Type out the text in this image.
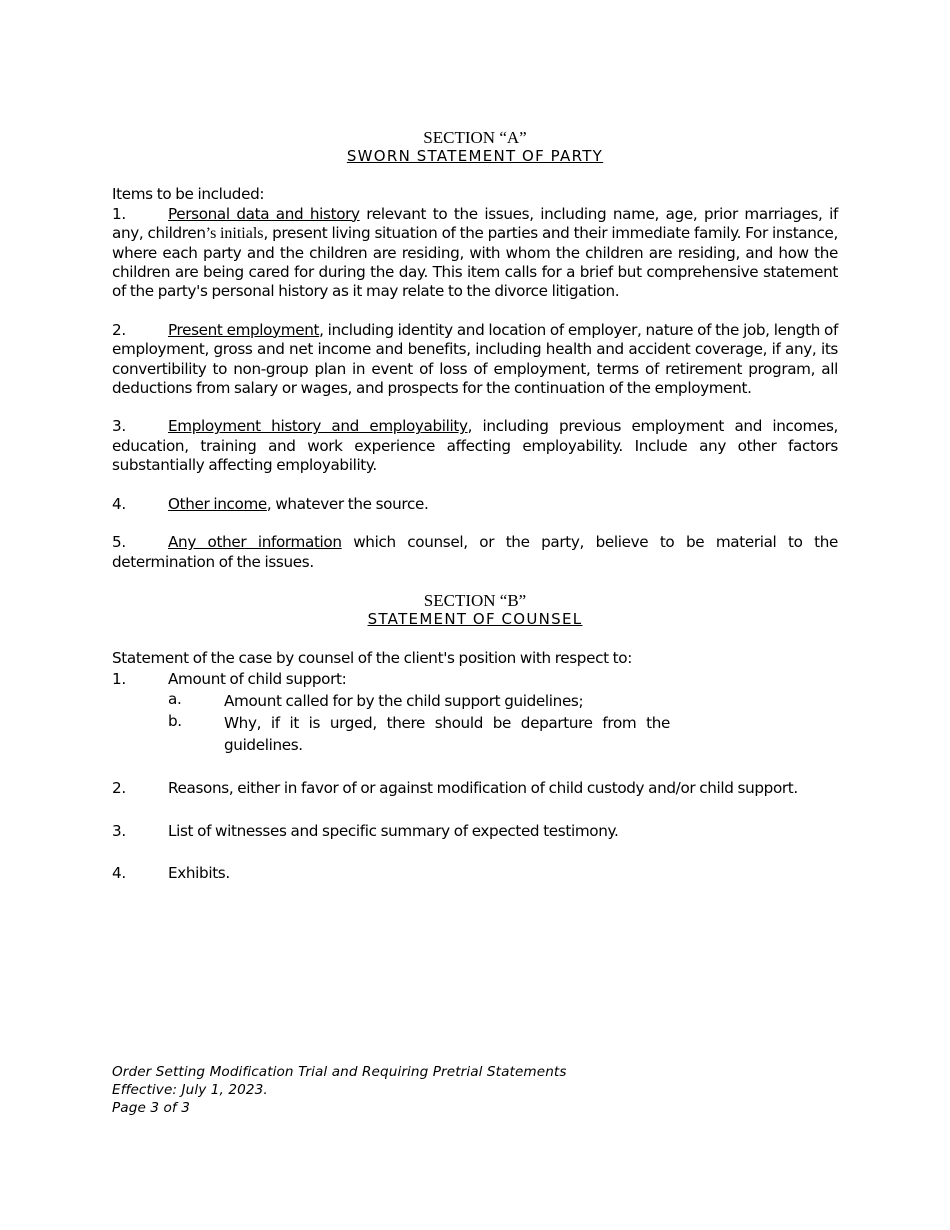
SECTION “A”
SWORN STATEMENT OF PARTY
Items to be included:
1.	Personal data and history relevant to the issues, including name, age, prior marriages, if any, children’s initials, present living situation of the parties and their immediate family. For instance, where each party and the children are residing, with whom the children are residing, and how the children are being cared for during the day. This item calls for a brief but comprehensive statement of the party's personal history as it may relate to the divorce litigation.
2.	Present employment, including identity and location of employer, nature of the job, length of employment, gross and net income and benefits, including health and accident coverage, if any, its convertibility to non-group plan in event of loss of employment, terms of retirement program, all deductions from salary or wages, and prospects for the continuation of the employment.
3.	Employment history and employability, including previous employment and incomes, education, training and work experience affecting employability. Include any other factors substantially affecting employability.
4.	Other income, whatever the source.
5.	Any other information which counsel, or the party, believe to be material to the determination of the issues.
SECTION “B”
STATEMENT OF COUNSEL
Statement of the case by counsel of the client's position with respect to:
1.	Amount of child support:
a.	Amount called for by the child support guidelines;
b.	Why, if it is urged, there should be departure from the guidelines.
2.	Reasons, either in favor of or against modification of child custody and/or child support.
3.	List of witnesses and specific summary of expected testimony.
4.	Exhibits.
Order Setting Modification Trial and Requiring Pretrial Statements
Effective: July 1, 2023.
Page 3 of 3
